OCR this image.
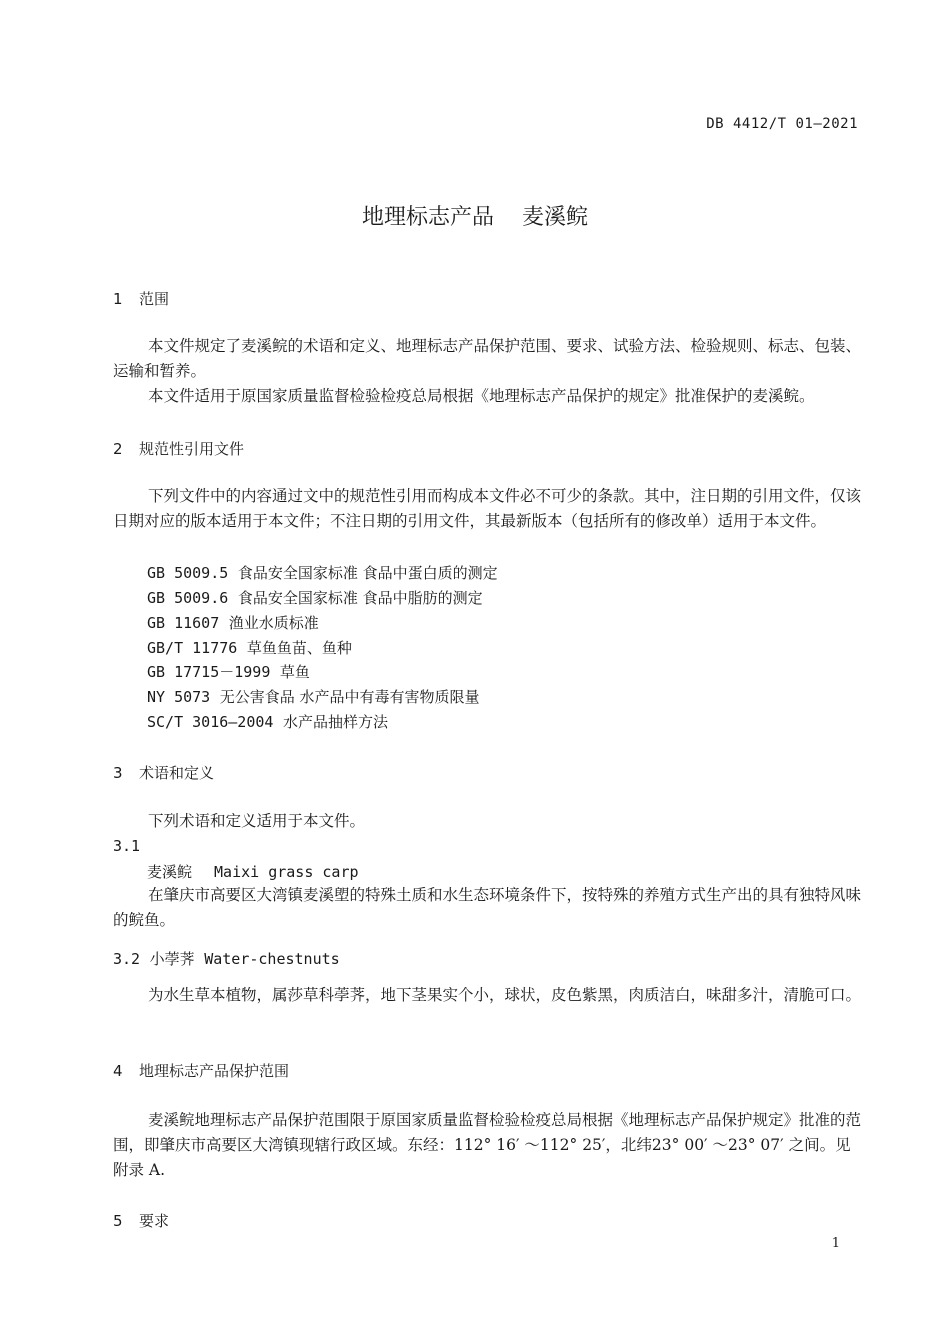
DB 4412/T 01—2021
地理标志产品 麦溪鲩
1 范围
本文件规定了麦溪鲩的术语和定义、地理标志产品保护范围、要求、试验方法、检验规则、标志、包装、运输和暂养。
本文件适用于原国家质量监督检验检疫总局根据《地理标志产品保护的规定》批准保护的麦溪鲩。
2 规范性引用文件
下列文件中的内容通过文中的规范性引用而构成本文件必不可少的条款。其中，注日期的引用文件，仅该日期对应的版本适用于本文件；不注日期的引用文件，其最新版本（包括所有的修改单）适用于本文件。
GB 5009.5 食品安全国家标准 食品中蛋白质的测定
GB 5009.6 食品安全国家标准 食品中脂肪的测定
GB 11607 渔业水质标准
GB/T 11776 草鱼鱼苗、鱼种
GB 17715－1999 草鱼
NY 5073 无公害食品 水产品中有毒有害物质限量
SC/T 3016—2004 水产品抽样方法
3 术语和定义
下列术语和定义适用于本文件。
3.1
麦溪鲩 Maixi grass carp
在肇庆市高要区大湾镇麦溪塱的特殊土质和水生态环境条件下，按特殊的养殖方式生产出的具有独特风味的鲩鱼。
3.2 小荸荠 Water-chestnuts
为水生草本植物，属莎草科荸荠，地下茎果实个小，球状，皮色紫黑，肉质洁白，味甜多汁，清脆可口。
4 地理标志产品保护范围
麦溪鲩地理标志产品保护范围限于原国家质量监督检验检疫总局根据《地理标志产品保护规定》批准的范围，即肇庆市高要区大湾镇现辖行政区域。东经：112° 16′ ～112° 25′，北纬23° 00′ ～23° 07′ 之间。见附录 A.
5 要求
1
